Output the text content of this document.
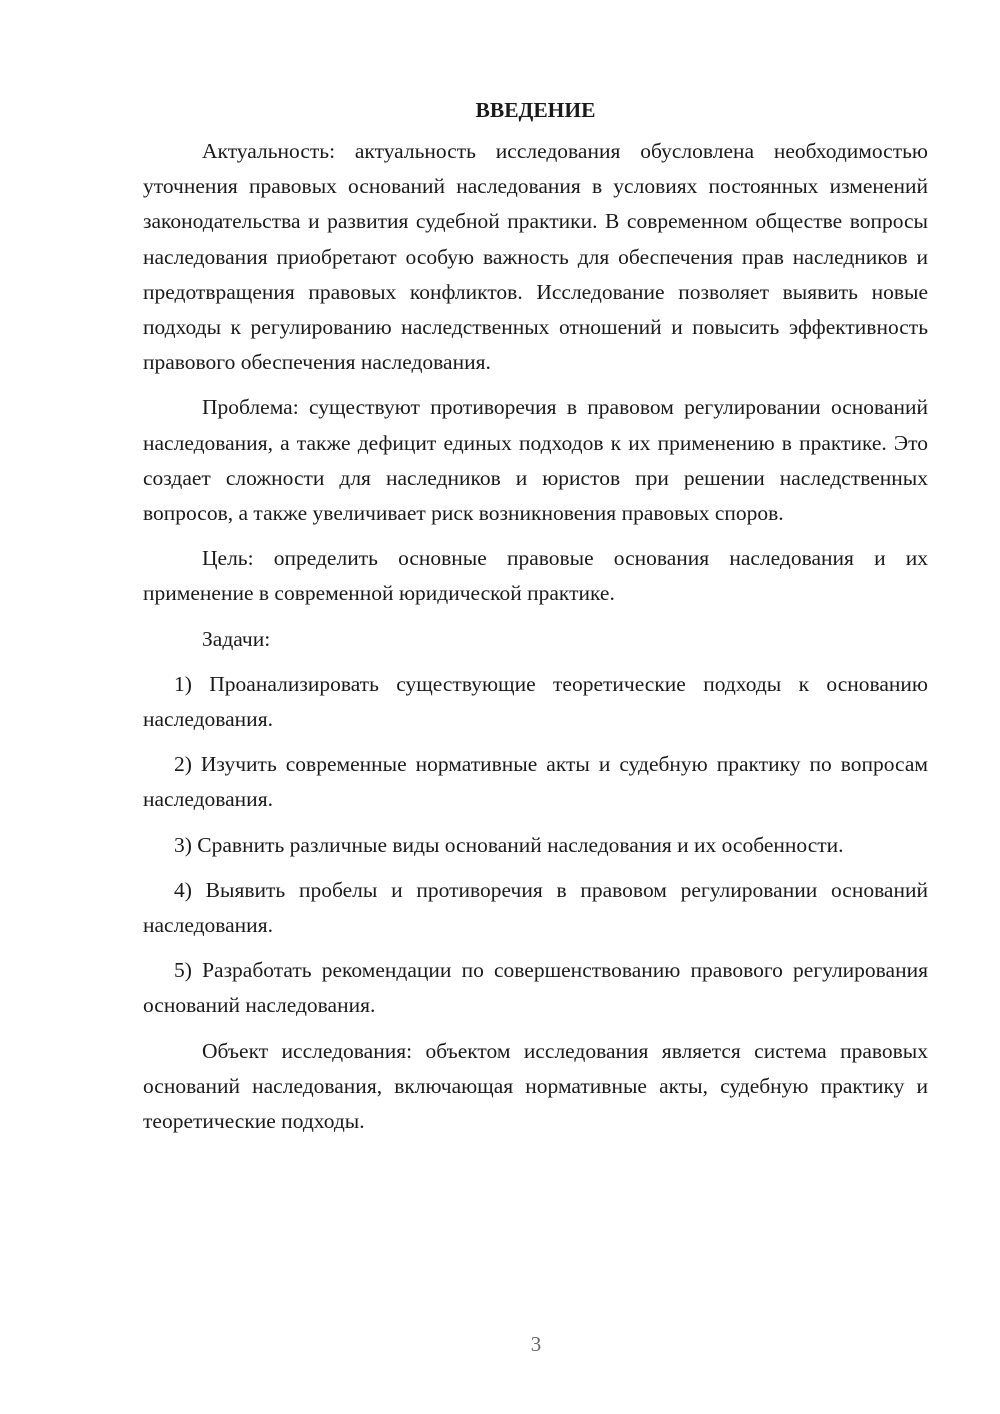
ВВЕДЕНИЕ

Актуальность: актуальность исследования обусловлена необходимостью уточнения правовых оснований наследования в условиях постоянных изменений законодательства и развития судебной практики. В современном обществе вопросы наследования приобретают особую важность для обеспечения прав наследников и предотвращения правовых конфликтов. Исследование позволяет выявить новые подходы к регулированию наследственных отношений и повысить эффективность правового обеспечения наследования.

Проблема: существуют противоречия в правовом регулировании оснований наследования, а также дефицит единых подходов к их применению в практике. Это создает сложности для наследников и юристов при решении наследственных вопросов, а также увеличивает риск возникновения правовых споров.

Цель: определить основные правовые основания наследования и их применение в современной юридической практике.

Задачи:

1) Проанализировать существующие теоретические подходы к основанию наследования.

2) Изучить современные нормативные акты и судебную практику по вопросам наследования.

3) Сравнить различные виды оснований наследования и их особенности.

4) Выявить пробелы и противоречия в правовом регулировании оснований наследования.

5) Разработать рекомендации по совершенствованию правового регулирования оснований наследования.

Объект исследования: объектом исследования является система правовых оснований наследования, включающая нормативные акты, судебную практику и теоретические подходы.

3
